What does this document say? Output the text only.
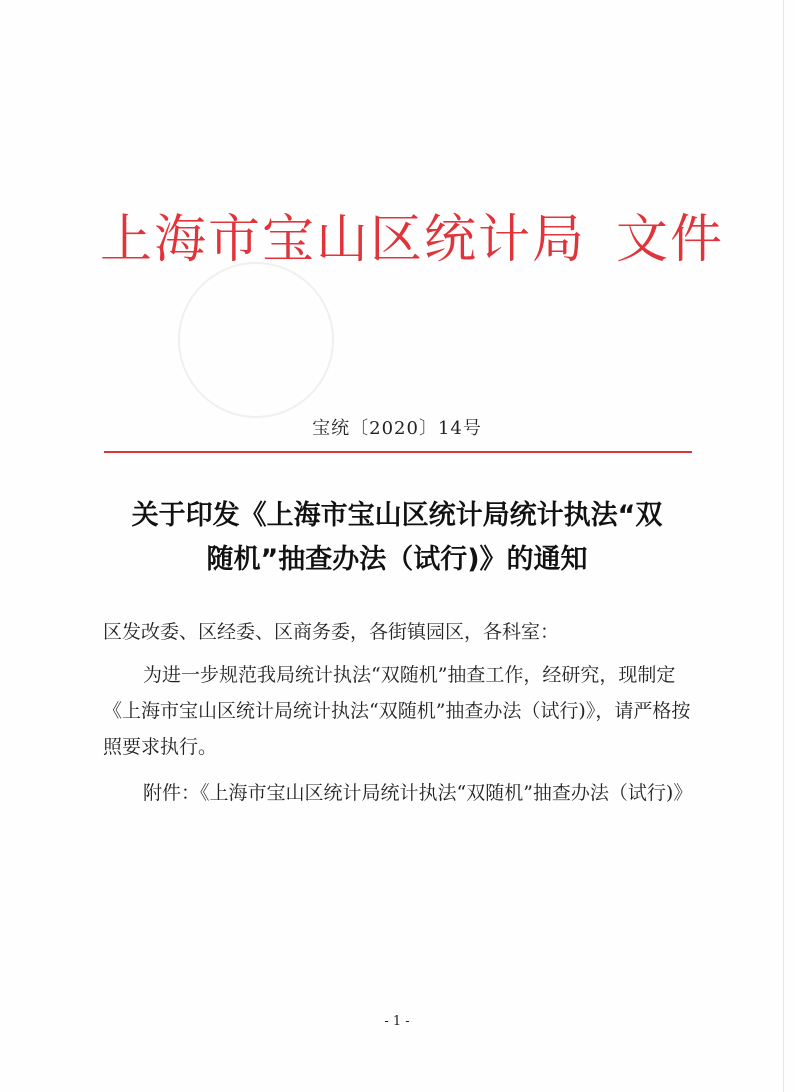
上海市宝山区统计局 文件
宝统〔2020〕14号
关于印发《上海市宝山区统计局统计执法“双
随机”抽查办法（试行)》的通知
区发改委、区经委、区商务委，各街镇园区，各科室：
为进一步规范我局统计执法“双随机”抽查工作，经研究，现制定《上海市宝山区统计局统计执法“双随机”抽查办法（试行)》，请严格按照要求执行。
附件：《上海市宝山区统计局统计执法“双随机”抽查办法（试行)》
- 1 -
